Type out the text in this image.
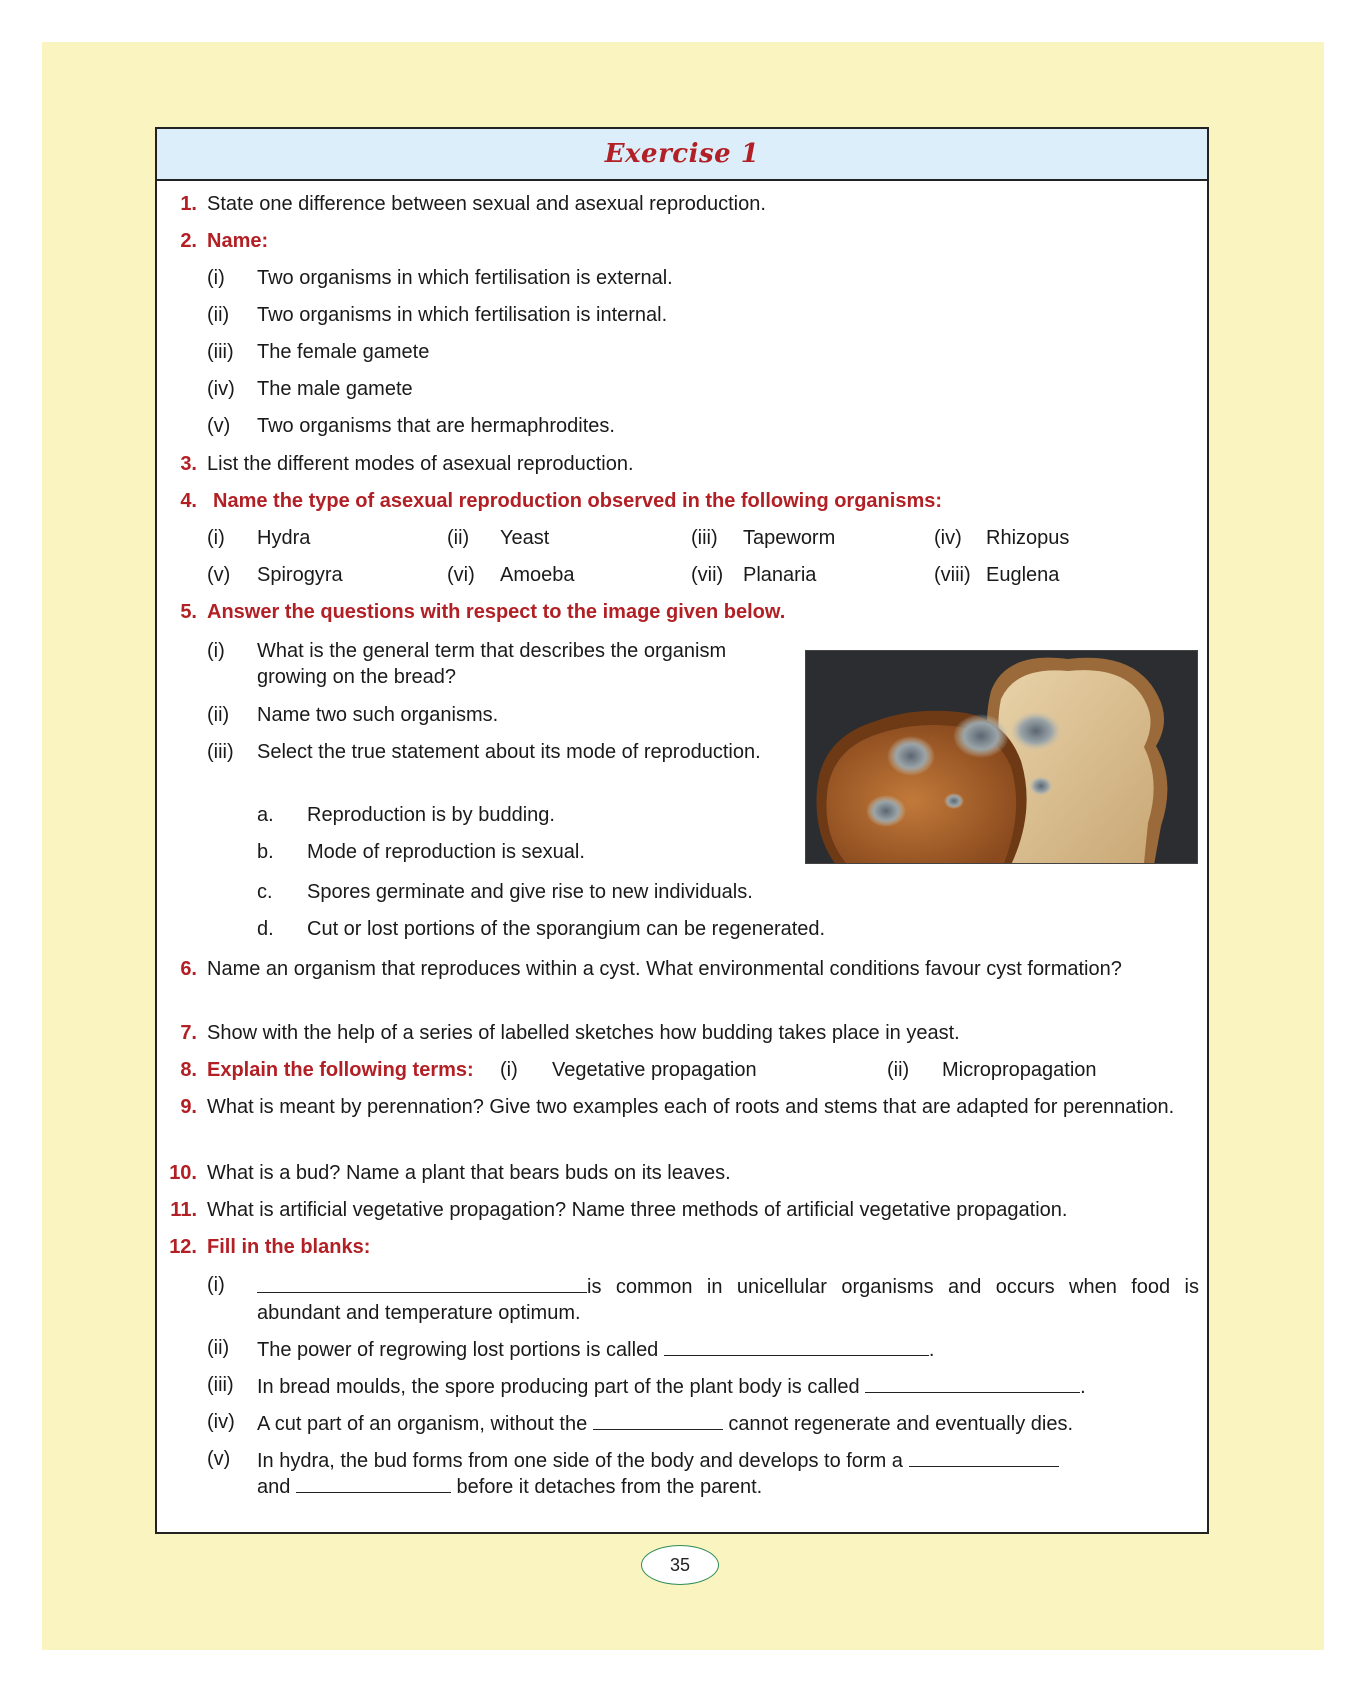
Exercise 1
1. State one difference between sexual and asexual reproduction.
2. Name:
(i)	Two organisms in which fertilisation is external.
(ii)	Two organisms in which fertilisation is internal.
(iii)	The female gamete
(iv)	The male gamete
(v)	Two organisms that are hermaphrodites.
3. List the different modes of asexual reproduction.
4. Name the type of asexual reproduction observed in the following organisms:
(i) Hydra	(ii) Yeast	(iii) Tapeworm	(iv) Rhizopus
(v) Spirogyra	(vi) Amoeba	(vii) Planaria	(viii) Euglena
5. Answer the questions with respect to the image given below.
(i)	What is the general term that describes the organism growing on the bread?
(ii)	Name two such organisms.
(iii)	Select the true statement about its mode of reproduction.
a.	Reproduction is by budding.
b.	Mode of reproduction is sexual.
c.	Spores germinate and give rise to new individuals.
d.	Cut or lost portions of the sporangium can be regenerated.
6. Name an organism that reproduces within a cyst. What environmental conditions favour cyst formation?
7. Show with the help of a series of labelled sketches how budding takes place in yeast.
8. Explain the following terms:	(i) Vegetative propagation	(ii) Micropropagation
9. What is meant by perennation? Give two examples each of roots and stems that are adapted for perennation.
10. What is a bud? Name a plant that bears buds on its leaves.
11. What is artificial vegetative propagation? Name three methods of artificial vegetative propagation.
12. Fill in the blanks:
(i)	is common in unicellular organisms and occurs when food is abundant and temperature optimum.
(ii)	The power of regrowing lost portions is called	.
(iii)	In bread moulds, the spore producing part of the plant body is called	.
(iv)	A cut part of an organism, without the	cannot regenerate and eventually dies.
(v)	In hydra, the bud forms from one side of the body and develops to form a
and	before it detaches from the parent.
35
